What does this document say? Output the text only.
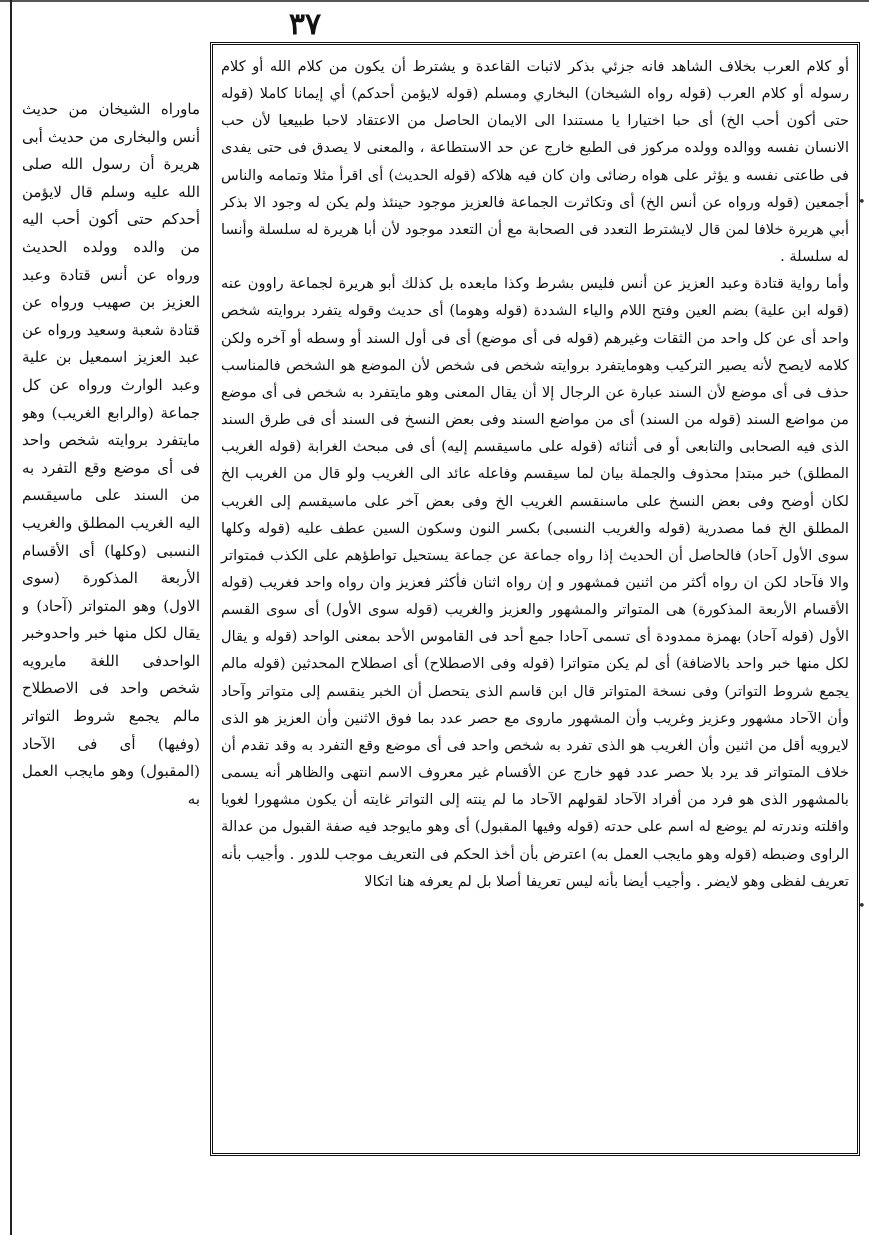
٣٧
•
•

أو كلام العرب بخلاف الشاهد فانه جزئي بذكر لاثبات القاعدة و يشترط أن يكون من كلام الله أو كلام رسوله أو كلام العرب (قوله رواه الشيخان) البخاري ومسلم (قوله لايؤمن أحدكم) أي إيمانا كاملا (قوله حتى أكون أحب الخ) أى حبا اختيارا يا مستندا الى الايمان الحاصل من الاعتقاد لاحبا طبيعيا لأن حب الانسان نفسه ووالده وولده مركوز فى الطبع خارج عن حد الاستطاعة ، والمعنى لا يصدق فى حتى يفدى فى طاعتى نفسه و يؤثر على هواه رضائى وان كان فيه هلاكه (قوله الحديث) أى اقرأ مثلا وتمامه والناس أجمعين (قوله ورواه عن أنس الخ) أى وتكاثرت الجماعة فالعزيز موجود حينئذ ولم يكن له وجود الا بذكر أبي هريرة خلافا لمن قال لايشترط التعدد فى الصحابة مع أن التعدد موجود لأن أبا هريرة له سلسلة وأنسا له سلسلة .

وأما رواية قتادة وعبد العزيز عن أنس فليس بشرط وكذا مابعده بل كذلك أبو هريرة لجماعة راوون عنه (قوله ابن علية) بضم العين وفتح اللام والياء الشددة (قوله وهوما) أى حديث وقوله يتفرد بروايته شخص واحد أى عن كل واحد من الثقات وغيرهم (قوله فى أى موضع) أى فى أول السند أو وسطه أو آخره ولكن كلامه لايصح لأنه يصير التركيب وهومايتفرد بروايته شخص فى شخص لأن الموضع هو الشخص فالمناسب حذف فى أى موضع لأن السند عبارة عن الرجال إلا أن يقال المعنى وهو مايتفرد به شخص فى أى موضع من مواضع السند (قوله من السند) أى من مواضع السند وفى بعض النسخ فى السند أى فى طرق السند الذى فيه الصحابى والتابعى أو فى أثنائه (قوله على ماسيقسم إليه) أى فى مبحث الغرابة (قوله الغريب المطلق) خبر مبتدإ محذوف والجملة بيان لما سيقسم وفاعله عائد الى الغريب ولو قال من الغريب الخ لكان أوضح وفى بعض النسخ على ماسنقسم الغريب الخ وفى بعض آخر على ماسيقسم إلى الغريب المطلق الخ فما مصدرية (قوله والغريب النسبى) بكسر النون وسكون السين عطف عليه (قوله وكلها سوى الأول آحاد) فالحاصل أن الحديث إذا رواه جماعة عن جماعة يستحيل تواطؤهم على الكذب فمتواتر والا فآحاد لكن ان رواه أكثر من اثنين فمشهور و إن رواه اثنان فأكثر فعزيز وان رواه واحد فغريب (قوله الأقسام الأربعة المذكورة) هى المتواتر والمشهور والعزيز والغريب (قوله سوى الأول) أى سوى القسم الأول (قوله آحاد) بهمزة ممدودة أى تسمى آحادا جمع أحد فى القاموس الأحد بمعنى الواحد (قوله و يقال لكل منها خبر واحد بالاضافة) أى لم يكن متواترا (قوله وفى الاصطلاح) أى اصطلاح المحدثين (قوله مالم يجمع شروط التواتر) وفى نسخة المتواتر قال ابن قاسم الذى يتحصل أن الخبر ينقسم إلى متواتر وآحاد وأن الآحاد مشهور وعزيز وغريب وأن المشهور ماروى مع حصر عدد بما فوق الاثنين وأن العزيز هو الذى لايرويه أقل من اثنين وأن الغريب هو الذى تفرد به شخص واحد فى أى موضع وقع التفرد به وقد تقدم أن خلاف المتواتر قد يرد بلا حصر عدد فهو خارج عن الأقسام غير معروف الاسم انتهى والظاهر أنه يسمى بالمشهور الذى هو فرد من أفراد الآحاد لقولهم الآحاد ما لم ينته إلى التواتر غايته أن يكون مشهورا لغويا واقلته وندرته لم يوضع له اسم على حدته (قوله وفيها المقبول) أى وهو مايوجد فيه صفة القبول من عدالة الراوى وضبطه (قوله وهو مايجب العمل به) اعترض بأن أخذ الحكم فى التعريف موجب للدور . وأجيب بأنه تعريف لفظى وهو لايضر . وأجيب أيضا بأنه ليس تعريفا أصلا بل لم يعرفه هنا اتكالا

ماوراه الشيخان من حديث أنس والبخارى من حديث أبى هريرة أن رسول الله صلى الله عليه وسلم قال لايؤمن أحدكم حتى أكون أحب اليه من والده وولده الحديث ورواه عن أنس قتادة وعبد العزيز بن صهيب ورواه عن قتادة شعبة وسعيد ورواه عن عبد العزيز اسمعيل بن علية وعبد الوارث ورواه عن كل جماعة (والرابع الغريب) وهو مايتفرد بروايته شخص واحد فى أى موضع وقع التفرد به من السند على ماسيقسم اليه الغريب المطلق والغريب النسبى (وكلها) أى الأقسام الأربعة المذكورة (سوى الاول) وهو المتواتر (آحاد) و يقال لكل منها خبر واحدوخبر الواحدفى اللغة مايرويه شخص واحد فى الاصطلاح مالم يجمع شروط التواتر (وفيها) أى فى الآحاد (المقبول) وهو مايجب العمل به
